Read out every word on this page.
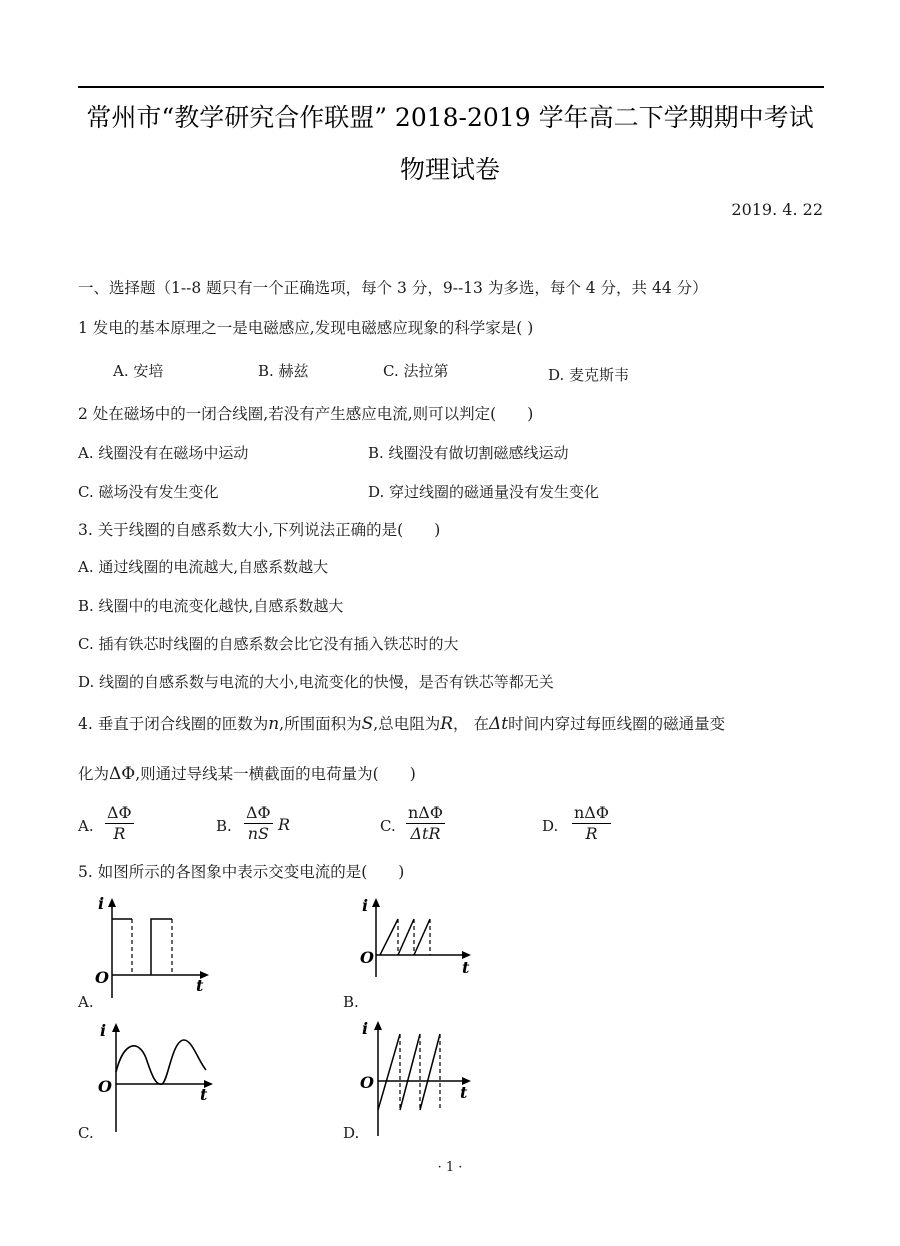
常州市“教学研究合作联盟” 2018-2019 学年高二下学期期中考试
物理试卷
2019. 4. 22
一、选择题（1--8 题只有一个正确选项，每个 3 分，9--13 为多选，每个 4 分，共 44 分）
1 发电的基本原理之一是电磁感应,发现电磁感应现象的科学家是( )
A. 安培	B. 赫兹	C. 法拉第	D. 麦克斯韦
2 处在磁场中的一闭合线圈,若没有产生感应电流,则可以判定(　　)
A. 线圈没有在磁场中运动	B. 线圈没有做切割磁感线运动
C. 磁场没有发生变化	D. 穿过线圈的磁通量没有发生变化
3. 关于线圈的自感系数大小,下列说法正确的是(　　)
A. 通过线圈的电流越大,自感系数越大
B. 线圈中的电流变化越快,自感系数越大
C. 插有铁芯时线圈的自感系数会比它没有插入铁芯时的大
D. 线圈的自感系数与电流的大小,电流变化的快慢，是否有铁芯等都无关
4. 垂直于闭合线圈的匝数为n,所围面积为S,总电阻为R， 在Δt时间内穿过每匝线圈的磁通量变
化为ΔΦ,则通过导线某一横截面的电荷量为(　　)
A. $\frac{\Delta\Phi}{R}$	B. $\frac{\Delta\Phi}{nS}$ R	C.
nΔΦ
ΔtR	D.
nΔΦ
R
5. 如图所示的各图象中表示交变电流的是(　　)
i
t
O
A.
i
t
O
B.
i
t
O
C.
i
t
O
D.
· 1 ·
